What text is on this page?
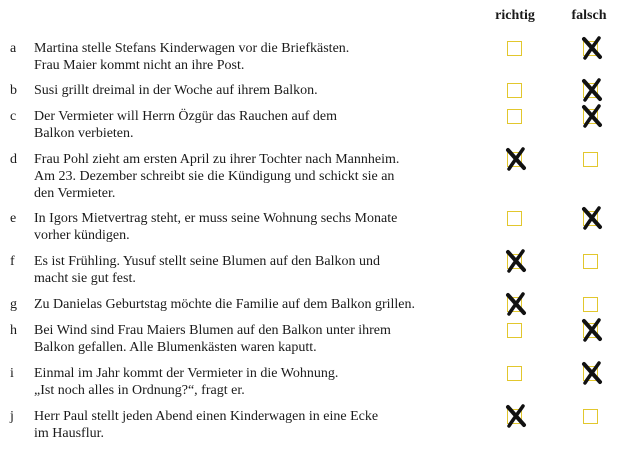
richtig	falsch
a Martina stelle Stefans Kinderwagen vor die Briefkästen.
Frau Maier kommt nicht an ihre Post.
b Susi grillt dreimal in der Woche auf ihrem Balkon.
c Der Vermieter will Herrn Özgür das Rauchen auf dem
Balkon verbieten.
d Frau Pohl zieht am ersten April zu ihrer Tochter nach Mannheim.
Am 23. Dezember schreibt sie die Kündigung und schickt sie an
den Vermieter.
e In Igors Mietvertrag steht, er muss seine Wohnung sechs Monate
vorher kündigen.
f Es ist Frühling. Yusuf stellt seine Blumen auf den Balkon und
macht sie gut fest.
g Zu Danielas Geburtstag möchte die Familie auf dem Balkon grillen.
h Bei Wind sind Frau Maiers Blumen auf den Balkon unter ihrem
Balkon gefallen. Alle Blumenkästen waren kaputt.
i Einmal im Jahr kommt der Vermieter in die Wohnung.
„Ist noch alles in Ordnung?“, fragt er.
j Herr Paul stellt jeden Abend einen Kinderwagen in eine Ecke
im Hausflur.
